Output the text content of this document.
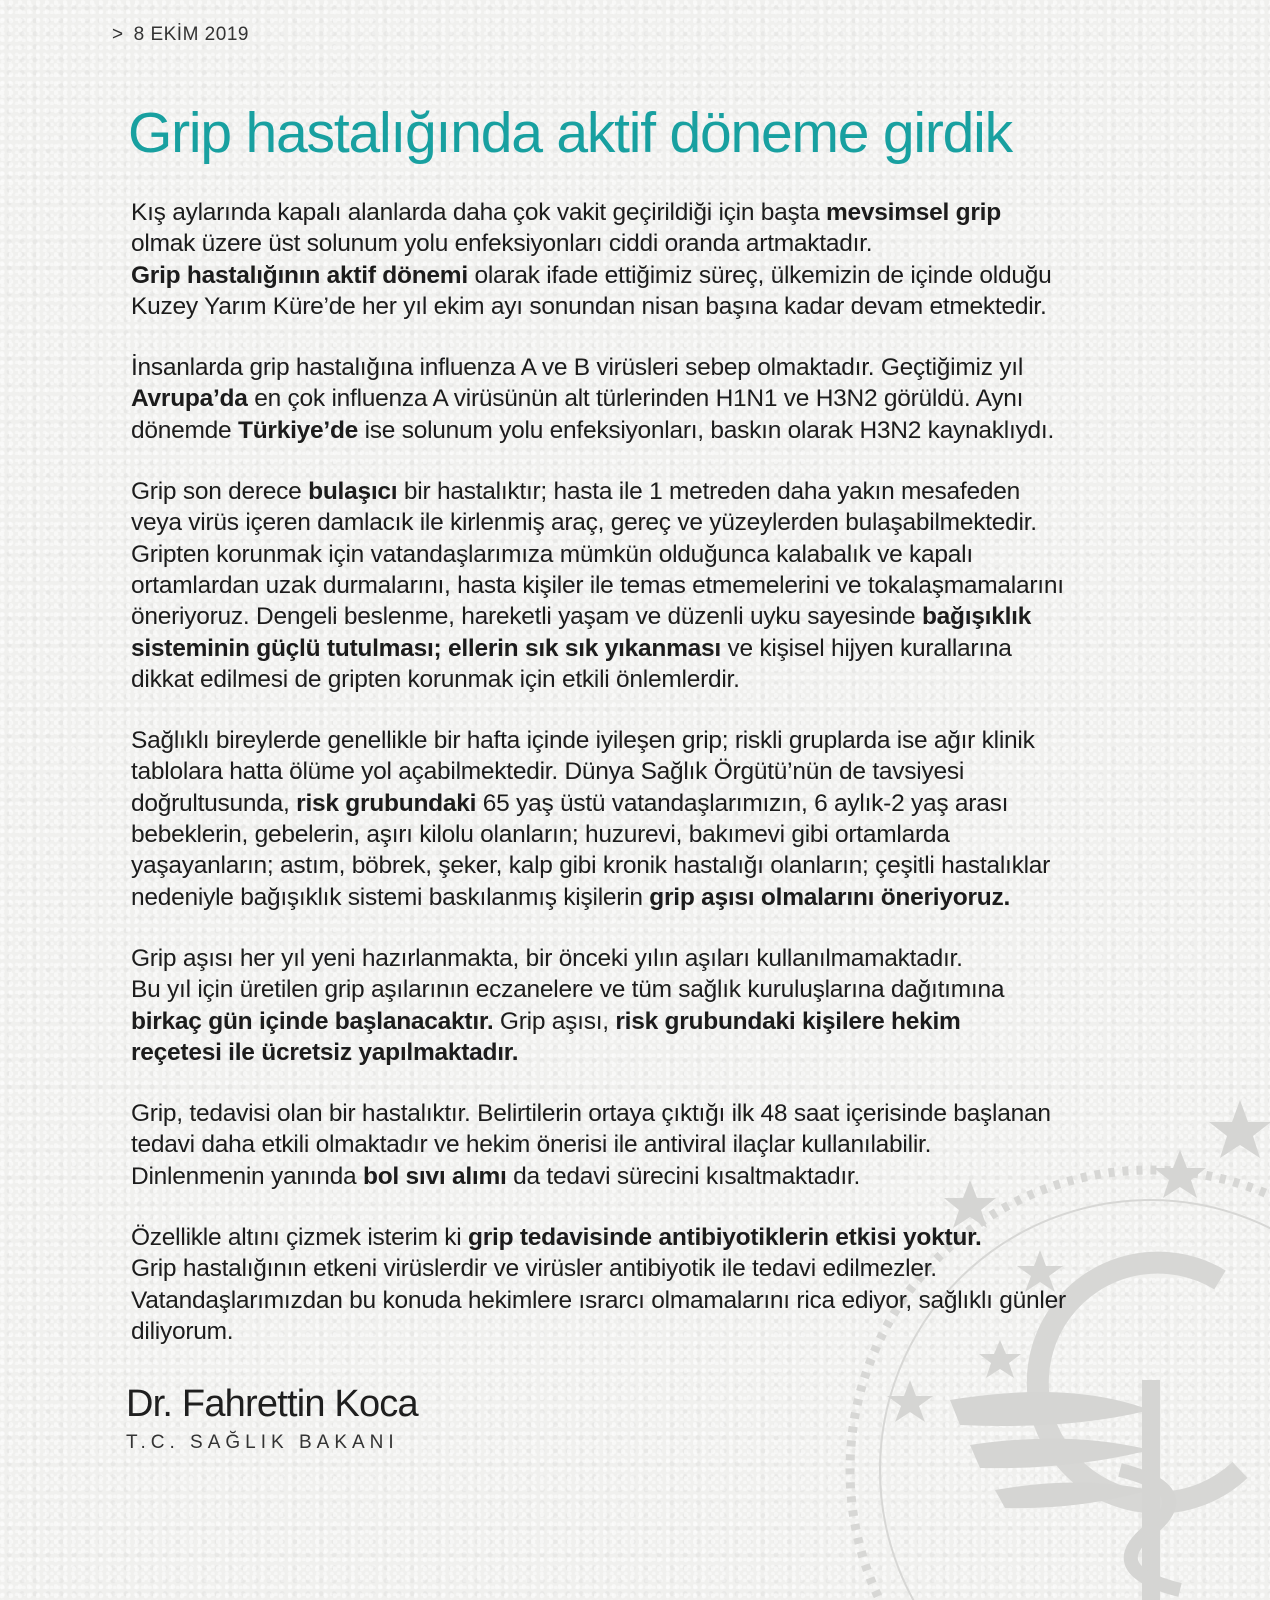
> 8 EKİM 2019
Grip hastalığında aktif döneme girdik
Kış aylarında kapalı alanlarda daha çok vakit geçirildiği için başta mevsimsel grip
olmak üzere üst solunum yolu enfeksiyonları ciddi oranda artmaktadır.
Grip hastalığının aktif dönemi olarak ifade ettiğimiz süreç, ülkemizin de içinde olduğu
Kuzey Yarım Küre’de her yıl ekim ayı sonundan nisan başına kadar devam etmektedir.
İnsanlarda grip hastalığına influenza A ve B virüsleri sebep olmaktadır. Geçtiğimiz yıl
Avrupa’da en çok influenza A virüsünün alt türlerinden H1N1 ve H3N2 görüldü. Aynı
dönemde Türkiye’de ise solunum yolu enfeksiyonları, baskın olarak H3N2 kaynaklıydı.
Grip son derece bulaşıcı bir hastalıktır; hasta ile 1 metreden daha yakın mesafeden
veya virüs içeren damlacık ile kirlenmiş araç, gereç ve yüzeylerden bulaşabilmektedir.
Gripten korunmak için vatandaşlarımıza mümkün olduğunca kalabalık ve kapalı
ortamlardan uzak durmalarını, hasta kişiler ile temas etmemelerini ve tokalaşmamalarını
öneriyoruz. Dengeli beslenme, hareketli yaşam ve düzenli uyku sayesinde bağışıklık
sisteminin güçlü tutulması; ellerin sık sık yıkanması ve kişisel hijyen kurallarına
dikkat edilmesi de gripten korunmak için etkili önlemlerdir.
Sağlıklı bireylerde genellikle bir hafta içinde iyileşen grip; riskli gruplarda ise ağır klinik
tablolara hatta ölüme yol açabilmektedir. Dünya Sağlık Örgütü’nün de tavsiyesi
doğrultusunda, risk grubundaki 65 yaş üstü vatandaşlarımızın, 6 aylık-2 yaş arası
bebeklerin, gebelerin, aşırı kilolu olanların; huzurevi, bakımevi gibi ortamlarda
yaşayanların; astım, böbrek, şeker, kalp gibi kronik hastalığı olanların; çeşitli hastalıklar
nedeniyle bağışıklık sistemi baskılanmış kişilerin grip aşısı olmalarını öneriyoruz.
Grip aşısı her yıl yeni hazırlanmakta, bir önceki yılın aşıları kullanılmamaktadır.
Bu yıl için üretilen grip aşılarının eczanelere ve tüm sağlık kuruluşlarına dağıtımına
birkaç gün içinde başlanacaktır. Grip aşısı, risk grubundaki kişilere hekim
reçetesi ile ücretsiz yapılmaktadır.
Grip, tedavisi olan bir hastalıktır. Belirtilerin ortaya çıktığı ilk 48 saat içerisinde başlanan
tedavi daha etkili olmaktadır ve hekim önerisi ile antiviral ilaçlar kullanılabilir.
Dinlenmenin yanında bol sıvı alımı da tedavi sürecini kısaltmaktadır.
Özellikle altını çizmek isterim ki grip tedavisinde antibiyotiklerin etkisi yoktur.
Grip hastalığının etkeni virüslerdir ve virüsler antibiyotik ile tedavi edilmezler.
Vatandaşlarımızdan bu konuda hekimlere ısrarcı olmamalarını rica ediyor, sağlıklı günler
diliyorum.
Dr. Fahrettin Koca
T.C. SAĞLIK BAKANI
